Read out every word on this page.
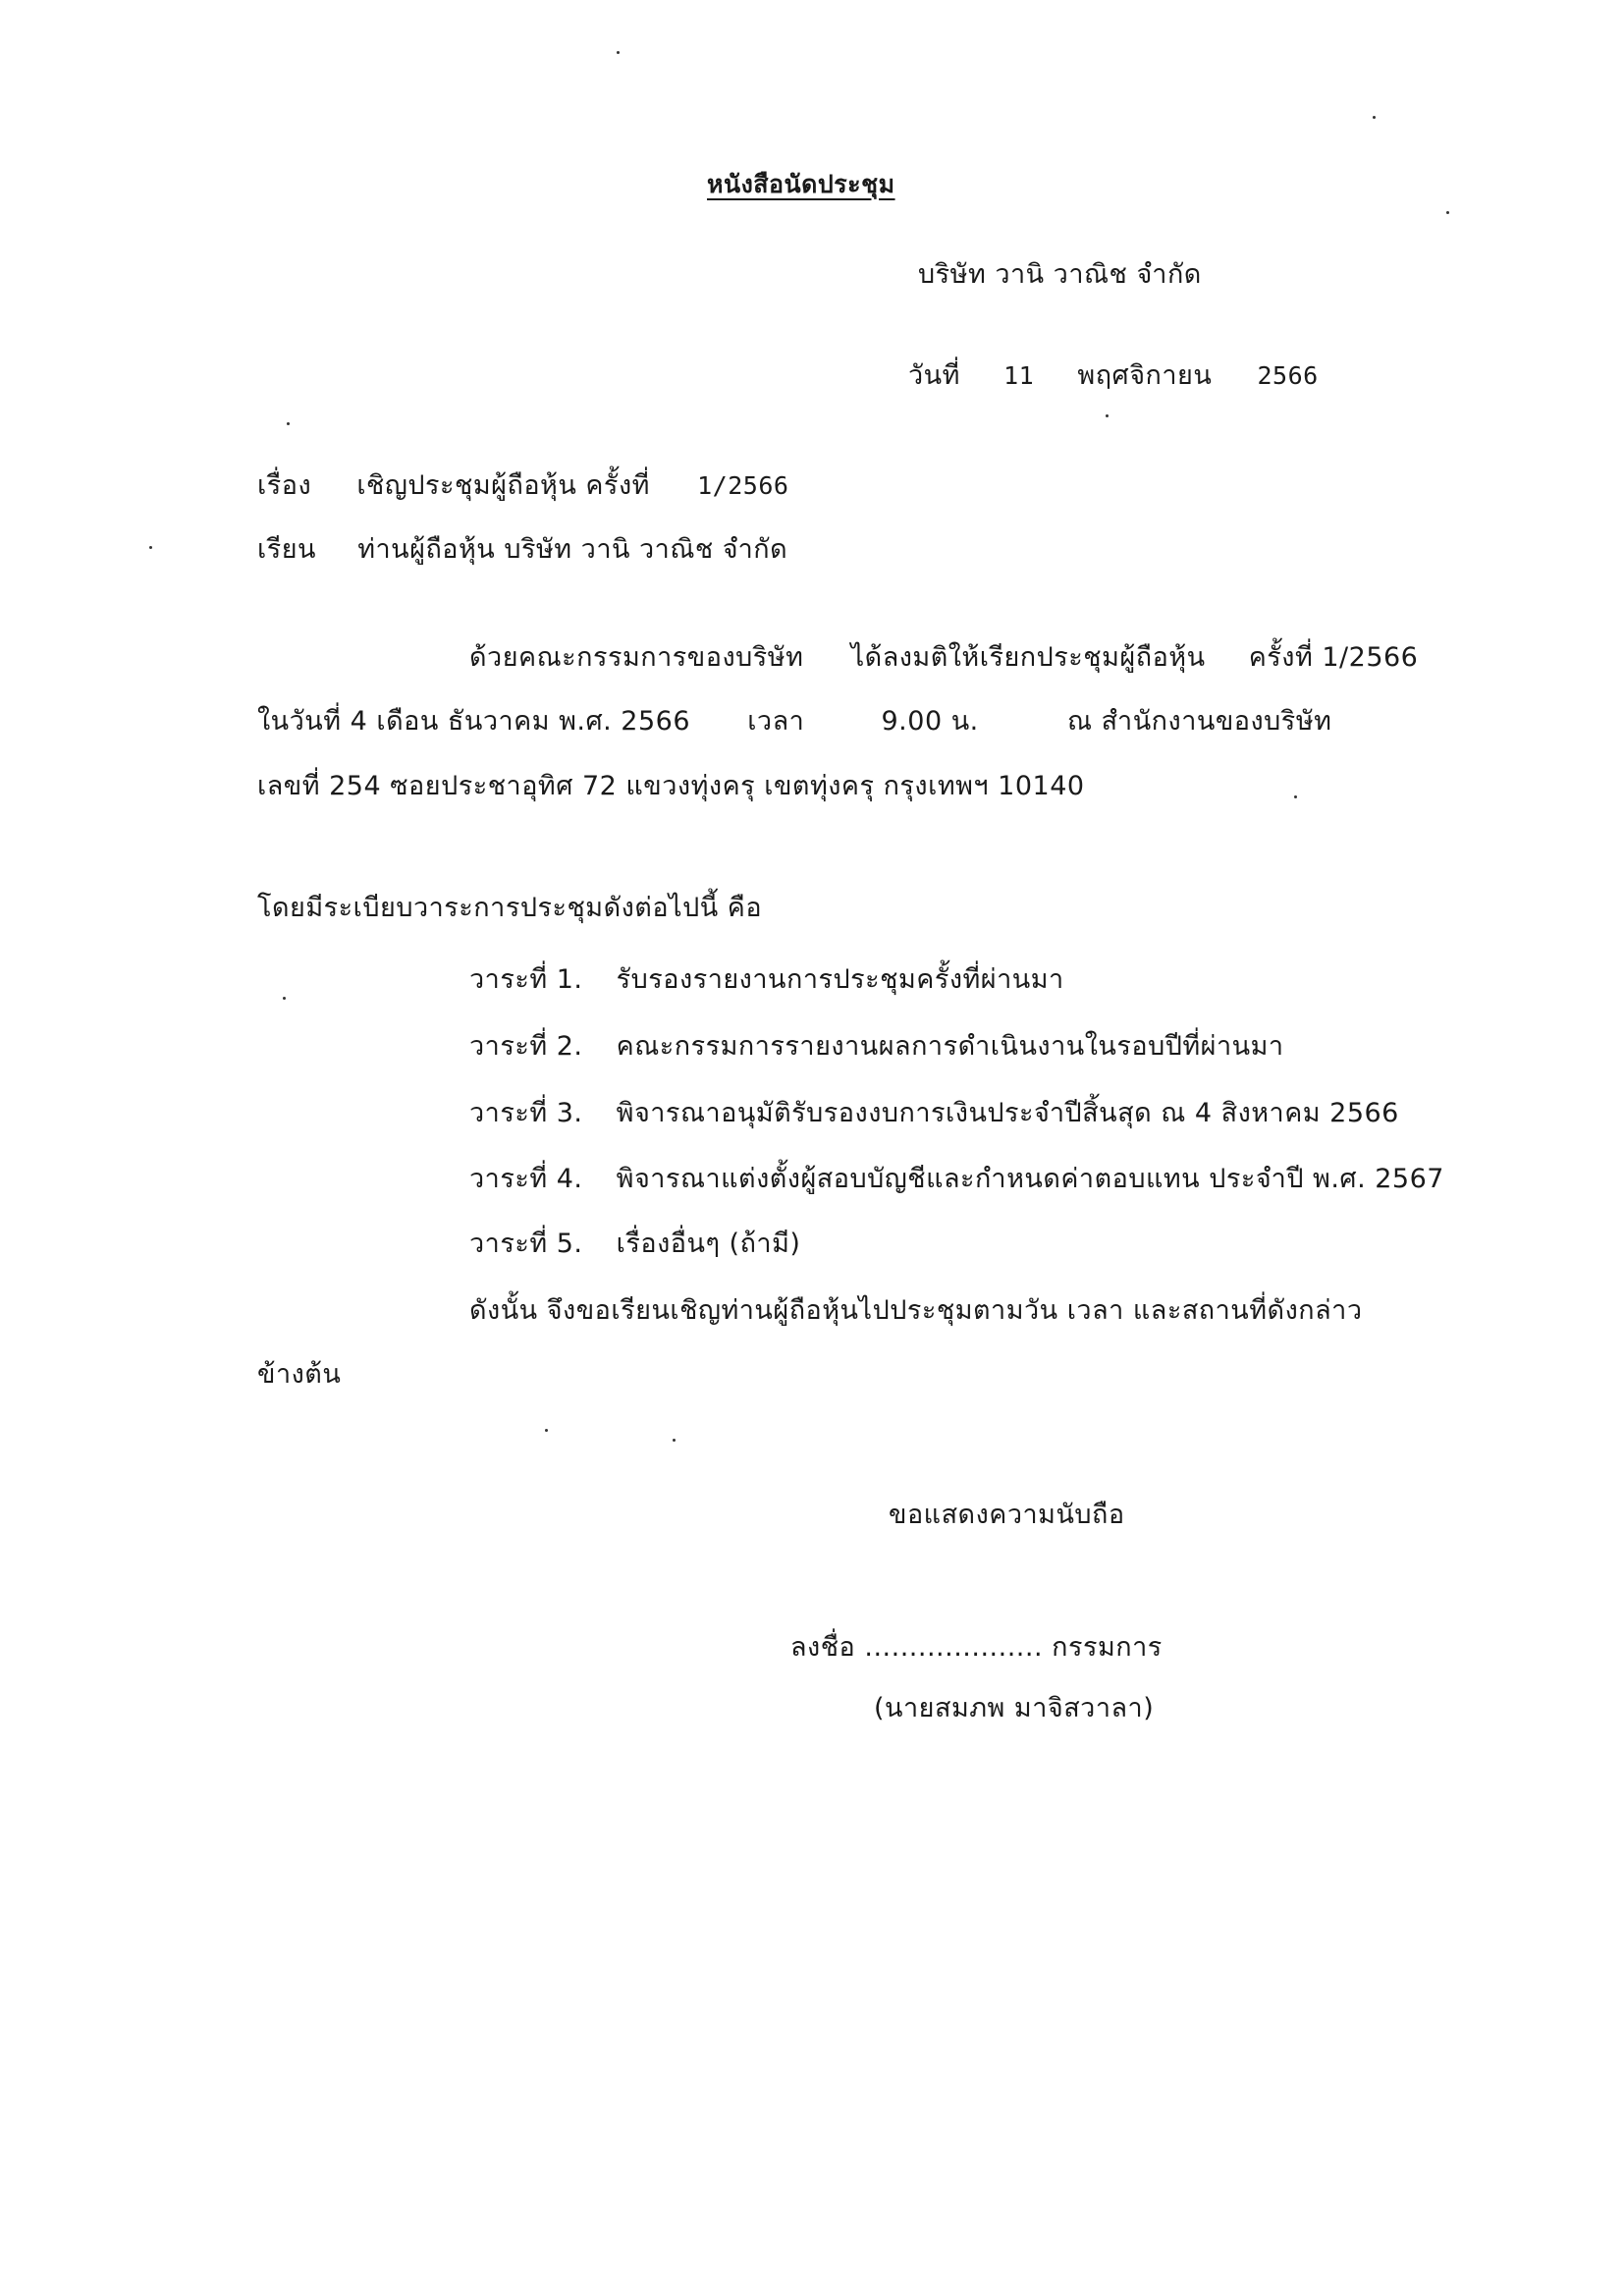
หนังสือนัดประชุม
บริษัท วานิ วาณิช จำกัด
วันที่ 11 พฤศจิกายน 2566
เรื่อง เชิญประชุมผู้ถือหุ้น ครั้งที่ 1/2566
เรียน ท่านผู้ถือหุ้น บริษัท วานิ วาณิช จำกัด
ด้วยคณะกรรมการของบริษัท ได้ลงมติให้เรียกประชุมผู้ถือหุ้น ครั้งที่ 1/2566
ในวันที่ 4 เดือน ธันวาคม พ.ศ. 2566 เวลา	9.00 น.	ณ สำนักงานของบริษัท
เลขที่ 254 ซอยประชาอุทิศ 72 แขวงทุ่งครุ เขตทุ่งครุ กรุงเทพฯ 10140
โดยมีระเบียบวาระการประชุมดังต่อไปนี้ คือ
วาระที่ 1. รับรองรายงานการประชุมครั้งที่ผ่านมา
วาระที่ 2. คณะกรรมการรายงานผลการดำเนินงานในรอบปีที่ผ่านมา
วาระที่ 3. พิจารณาอนุมัติรับรองงบการเงินประจำปีสิ้นสุด ณ 4 สิงหาคม 2566
วาระที่ 4. พิจารณาแต่งตั้งผู้สอบบัญชีและกำหนดค่าตอบแทน ประจำปี พ.ศ. 2567
วาระที่ 5. เรื่องอื่นๆ (ถ้ามี)
ดังนั้น จึงขอเรียนเชิญท่านผู้ถือหุ้นไปประชุมตามวัน เวลา และสถานที่ดังกล่าว
ข้างต้น
ขอแสดงความนับถือ
ลงชื่อ .................... กรรมการ
(นายสมภพ มาจิสวาลา)
